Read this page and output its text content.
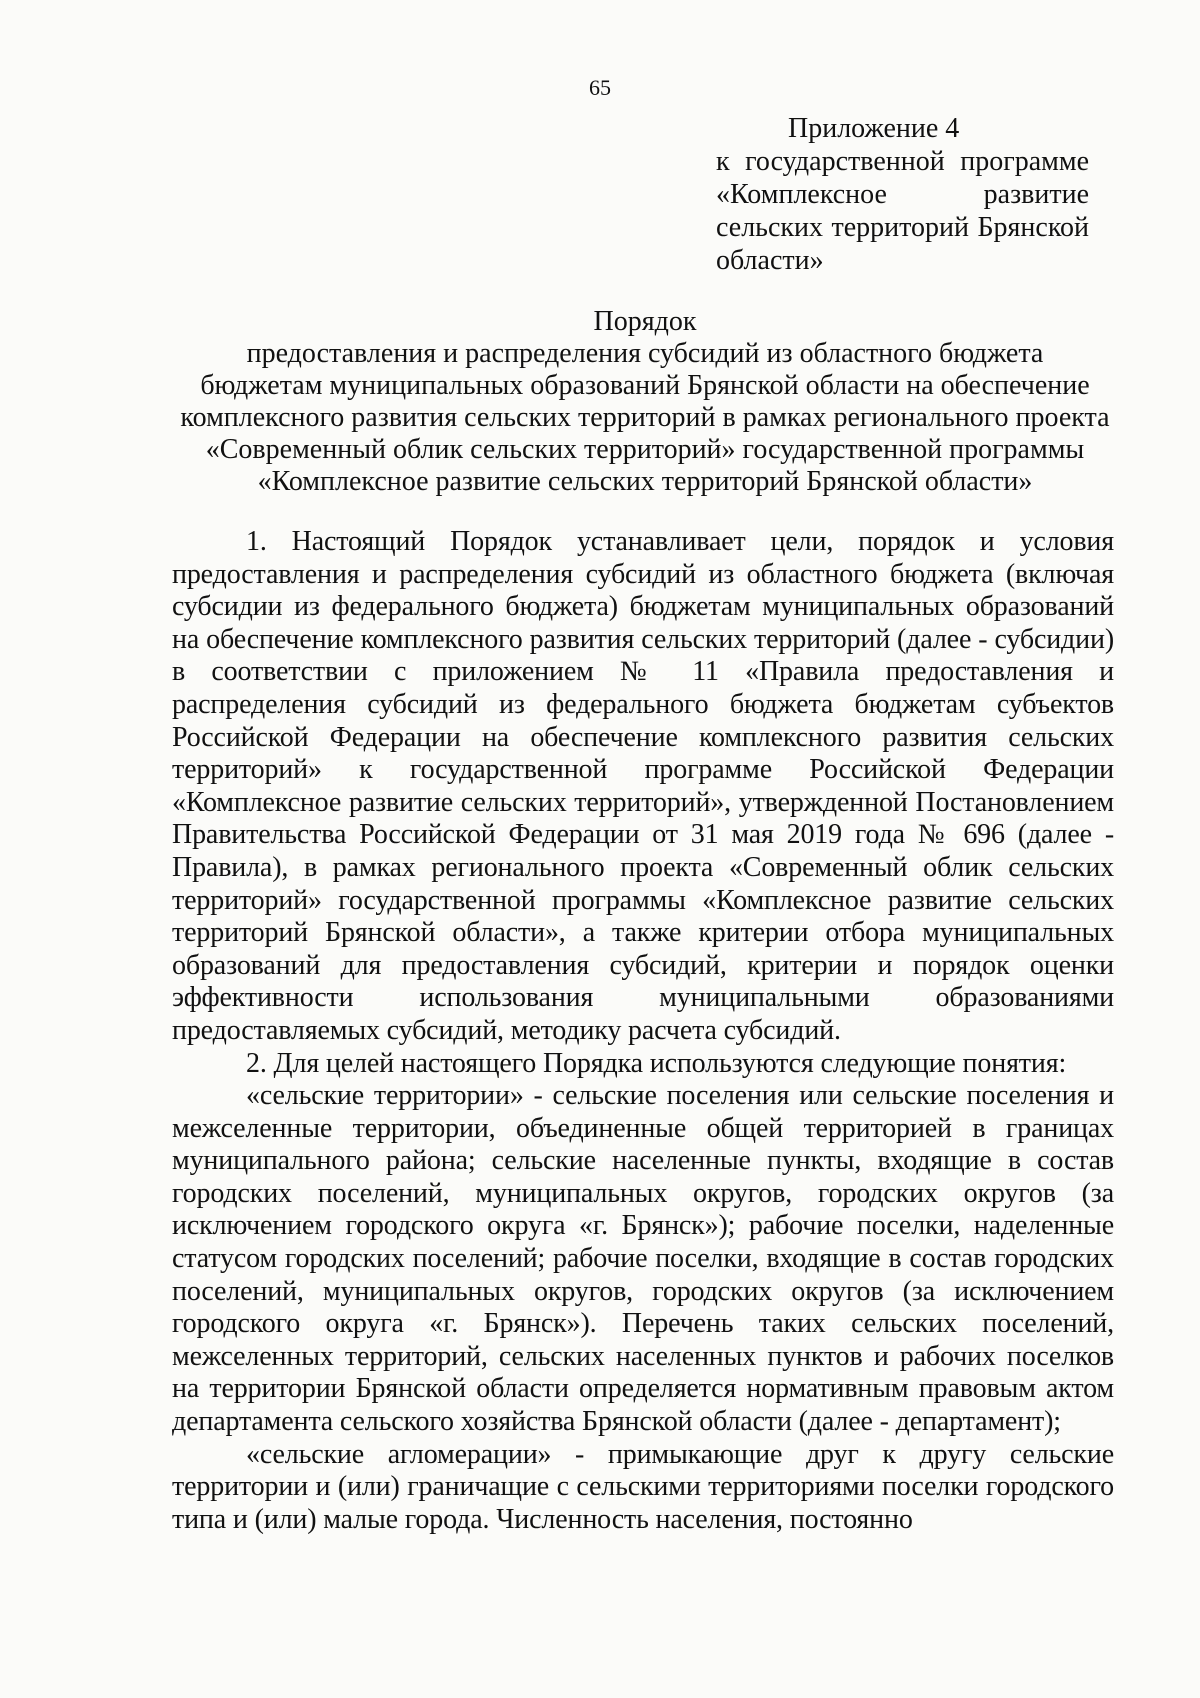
65
Приложение 4
к государственной программе «Комплексное развитие сельских территорий Брянской области»
Порядок
предоставления и распределения субсидий из областного бюджета
бюджетам муниципальных образований Брянской области на обеспечение
комплексного развития сельских территорий в рамках регионального проекта
«Современный облик сельских территорий» государственной программы
«Комплексное развитие сельских территорий Брянской области»

1. Настоящий Порядок устанавливает цели, порядок и условия предоставления и распределения субсидий из областного бюджета (включая субсидии из федерального бюджета) бюджетам муниципальных образований на обеспечение комплексного развития сельских территорий (далее - субсидии) в соответствии с приложением № 11 «Правила предоставления и распределения субсидий из федерального бюджета бюджетам субъектов Российской Федерации на обеспечение комплексного развития сельских территорий» к государственной программе Российской Федерации «Комплексное развитие сельских территорий», утвержденной Постановлением Правительства Российской Федерации от 31 мая 2019 года № 696 (далее - Правила), в рамках регионального проекта «Современный облик сельских территорий» государственной программы «Комплексное развитие сельских территорий Брянской области», а также критерии отбора муниципальных образований для предоставления субсидий, критерии и порядок оценки эффективности использования муниципальными образованиями предоставляемых субсидий, методику расчета субсидий.

2. Для целей настоящего Порядка используются следующие понятия:

«сельские территории» - сельские поселения или сельские поселения и межселенные территории, объединенные общей территорией в границах муниципального района; сельские населенные пункты, входящие в состав городских поселений, муниципальных округов, городских округов (за исключением городского округа «г. Брянск»); рабочие поселки, наделенные статусом городских поселений; рабочие поселки, входящие в состав городских поселений, муниципальных округов, городских округов (за исключением городского округа «г. Брянск»). Перечень таких сельских поселений, межселенных территорий, сельских населенных пунктов и рабочих поселков на территории Брянской области определяется нормативным правовым актом департамента сельского хозяйства Брянской области (далее - департамент);

«сельские агломерации» - примыкающие друг к другу сельские территории и (или) граничащие с сельскими территориями поселки городского типа и (или) малые города. Численность населения, постоянно
